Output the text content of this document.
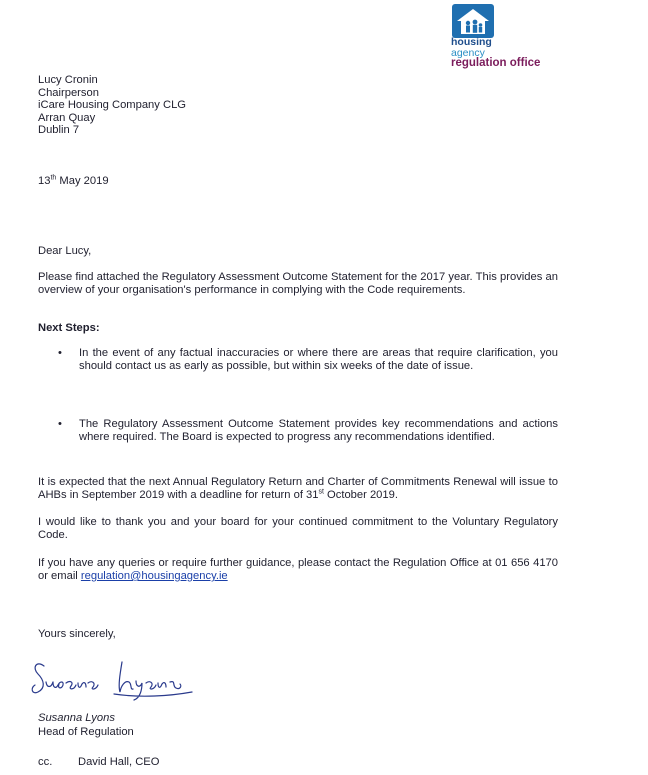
housing
agency
regulation office
Lucy Cronin
Chairperson
iCare Housing Company CLG
Arran Quay
Dublin 7
13th May 2019
Dear Lucy,
Please find attached the Regulatory Assessment Outcome Statement for the 2017 year. This provides an overview of your organisation's performance in complying with the Code requirements.
Next Steps:
• In the event of any factual inaccuracies or where there are areas that require clarification, you should contact us as early as possible, but within six weeks of the date of issue.
• The Regulatory Assessment Outcome Statement provides key recommendations and actions where required. The Board is expected to progress any recommendations identified.
It is expected that the next Annual Regulatory Return and Charter of Commitments Renewal will issue to AHBs in September 2019 with a deadline for return of 31st October 2019.
I would like to thank you and your board for your continued commitment to the Voluntary Regulatory Code.
If you have any queries or require further guidance, please contact the Regulation Office at 01 656 4170 or email regulation@housingagency.ie
Yours sincerely,
Susanna Lyons
Head of Regulation
cc. David Hall, CEO
